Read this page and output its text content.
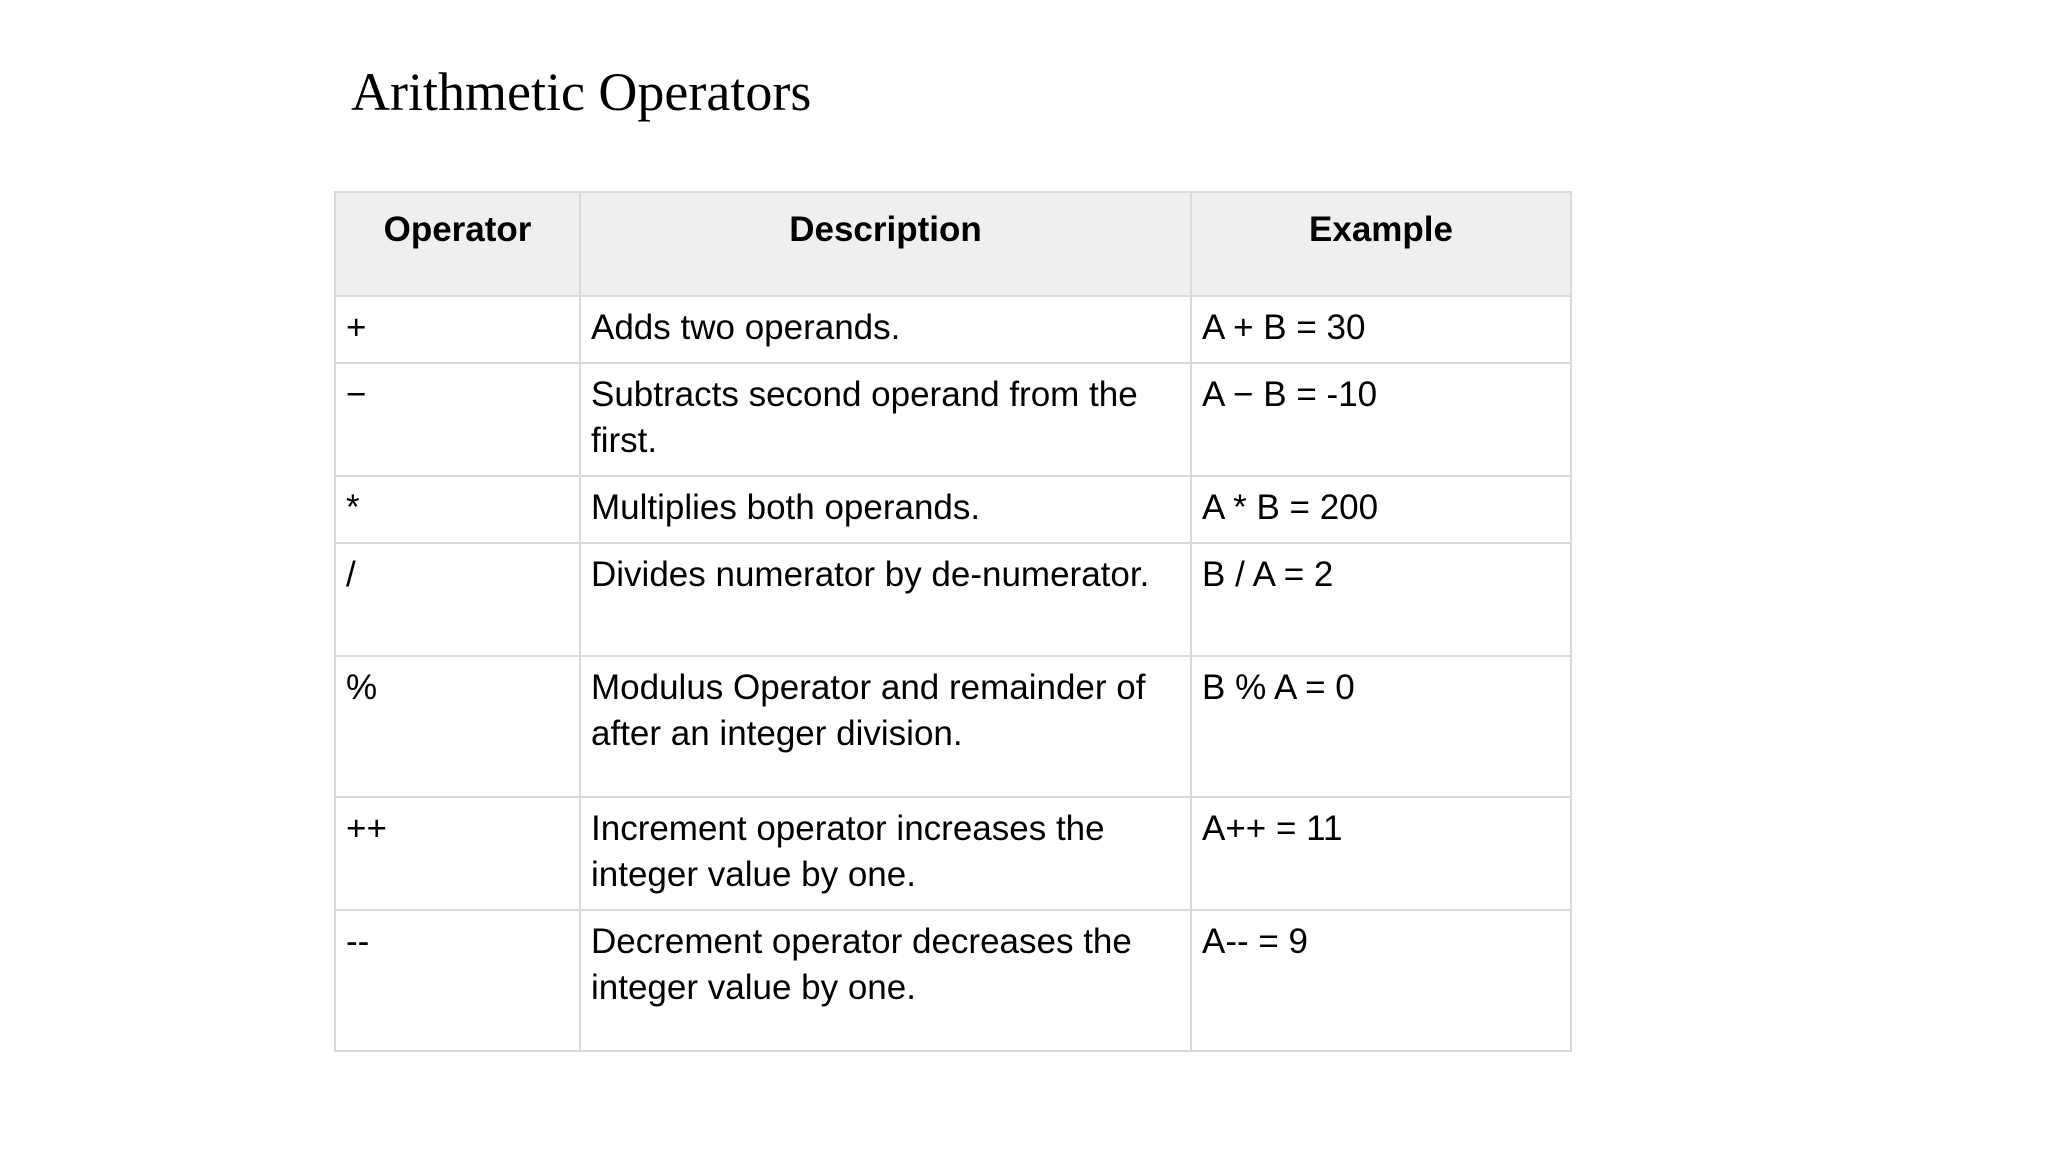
Arithmetic Operators
Operator	Description	Example
+	Adds two operands.	A + B = 30
−	Subtracts second operand from the first.	A − B = -10
*	Multiplies both operands.	A * B = 200
/	Divides numerator by de-numerator.	B / A = 2
%	Modulus Operator and remainder of after an integer division.	B % A = 0
++	Increment operator increases the integer value by one.	A++ = 11
--	Decrement operator decreases the integer value by one.	A-- = 9
